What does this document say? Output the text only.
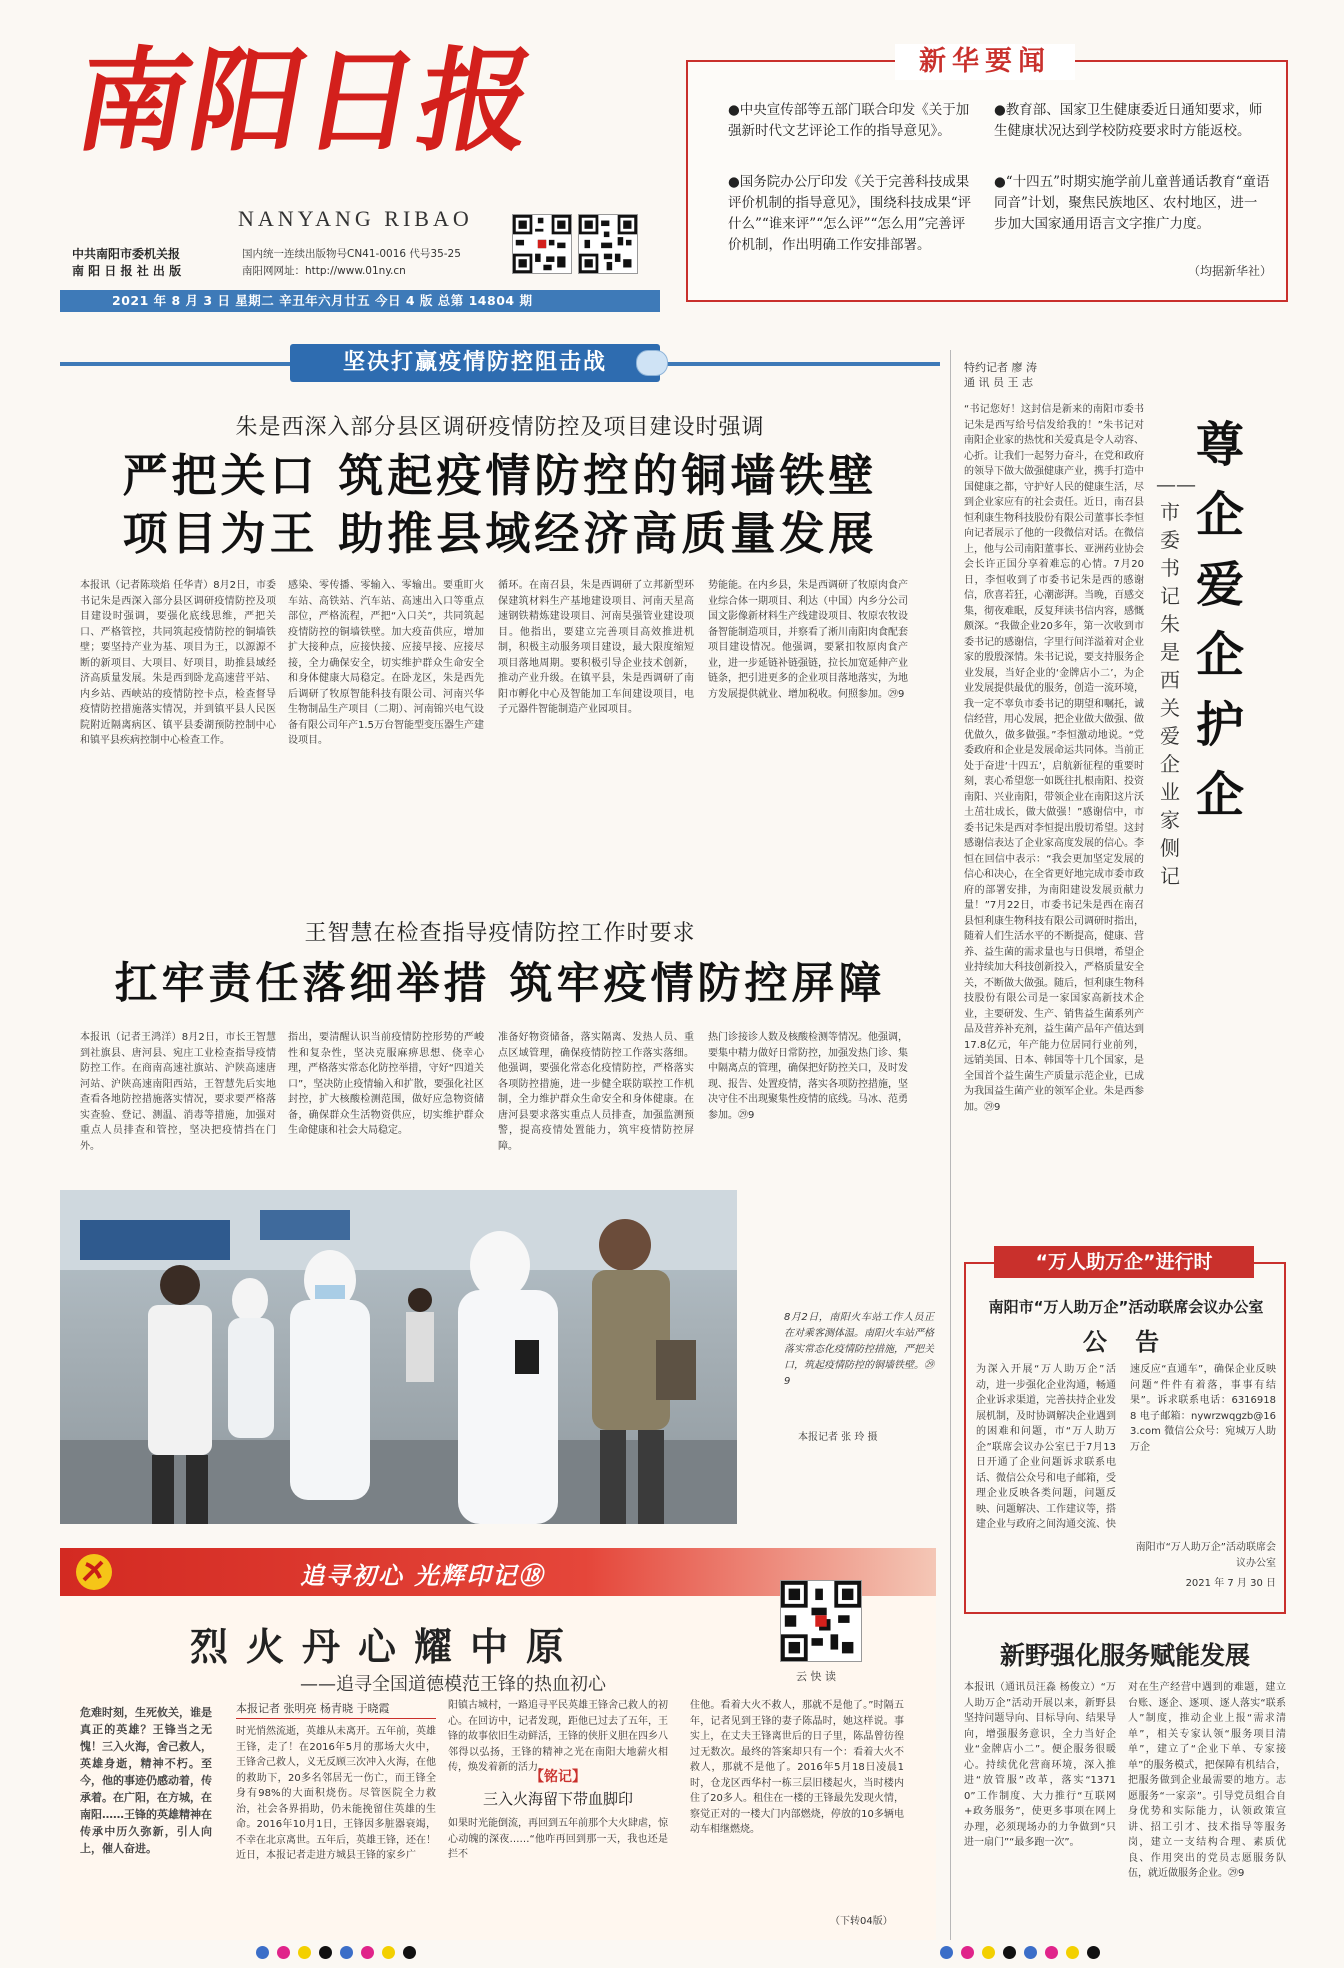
南阳日报
NANYANG RIBAO
中共南阳市委机关报
南 阳 日 报 社 出 版
国内统一连续出版物号CN41-0016 代号35-25
南阳网网址：http://www.01ny.cn
2021 年 8 月 3 日 星期二 辛丑年六月廿五 今日 4 版 总第 14804 期
新华要闻
●中央宣传部等五部门联合印发《关于加强新时代文艺评论工作的指导意见》。
●国务院办公厅印发《关于完善科技成果评价机制的指导意见》，围绕科技成果“评什么”“谁来评”“怎么评”“怎么用”完善评价机制，作出明确工作安排部署。
●教育部、国家卫生健康委近日通知要求，师生健康状况达到学校防疫要求时方能返校。
●“十四五”时期实施学前儿童普通话教育“童语同音”计划，聚焦民族地区、农村地区，进一步加大国家通用语言文字推广力度。
（均据新华社）
坚决打赢疫情防控阻击战
朱是西深入部分县区调研疫情防控及项目建设时强调
严把关口 筑起疫情防控的铜墙铁壁
项目为王 助推县域经济高质量发展
本报讯（记者陈琰焰 任华青）8月2日，市委书记朱是西深入部分县区调研疫情防控及项目建设时强调，要强化底线思维，严把关口、严格管控，共同筑起疫情防控的铜墙铁壁；要坚持产业为基、项目为王，以源源不断的新项目、大项目、好项目，助推县域经济高质量发展。朱是西到卧龙高速营平站、内乡站、西峡站的疫情防控卡点，检查督导疫情防控措施落实情况，并到镇平县人民医院附近隔离病区、镇平县委湖预防控制中心和镇平县疾病控制中心检查工作。
感染、零传播、零输入、零输出。要重盯火车站、高铁站、汽车站、高速出入口等重点部位，严格流程，严把“入口关”，共同筑起疫情防控的铜墙铁壁。加大疫苗供应，增加扩大接种点，应接快接、应接早接、应接尽接，全力确保安全，切实维护群众生命安全和身体健康大局稳定。在卧龙区，朱是西先后调研了牧原智能科技有限公司、河南兴华生物制品生产项目（二期）、河南锦兴电气设备有限公司年产1.5万台智能型变压器生产建设项目。
循环。在南召县，朱是西调研了立邦新型环保建筑材料生产基地建设项目、河南天星高速钢铁精炼建设项目、河南昊强管业建设项目。他指出，要建立完善项目高效推进机制，积极主动服务项目建设，最大限度缩短项目落地周期。要积极引导企业技术创新，推动产业升级。在镇平县，朱是西调研了南阳市孵化中心及智能加工车间建设项目，电子元器件智能制造产业园项目。
势能能。在内乡县，朱是西调研了牧原肉食产业综合体一期项目、利达（中国）内乡分公司国文影像新材料生产线建设项目、牧原农牧设备智能制造项目，并察看了淅川南阳肉食配套项目建设情况。他强调，要紧扣牧原肉食产业，进一步延链补链强链，拉长加宽延伸产业链条，把引进更多的企业项目落地落实，为地方发展提供就业、增加税收。何照参加。㉙9
王智慧在检查指导疫情防控工作时要求
扛牢责任落细举措 筑牢疫情防控屏障
本报讯（记者王鸿洋）8月2日，市长王智慧到社旗县、唐河县、宛庄工业检查指导疫情防控工作。在商南高速社旗站、沪陕高速唐河站、沪陕高速南阳西站，王智慧先后实地查看各地防控措施落实情况，要求要严格落实查验、登记、测温、消毒等措施，加强对重点人员排查和管控，坚决把疫情挡在门外。
指出，要清醒认识当前疫情防控形势的严峻性和复杂性，坚决克服麻痹思想、侥幸心理，严格落实常态化防控举措，守好“四道关口”，坚决防止疫情输入和扩散，要强化社区封控，扩大核酸检测范围，做好应急物资储备，确保群众生活物资供应，切实维护群众生命健康和社会大局稳定。
准备好物资储备，落实隔离、发热人员、重点区域管理，确保疫情防控工作落实落细。他强调，要强化常态化疫情防控，严格落实各项防控措施，进一步健全联防联控工作机制，全力维护群众生命安全和身体健康。在唐河县要求落实重点人员排查，加强监测预警，提高疫情处置能力，筑牢疫情防控屏障。
热门诊接诊人数及核酸检测等情况。他强调，要集中精力做好日常防控，加强发热门诊、集中隔离点的管理，确保把好防控关口，及时发现、报告、处置疫情，落实各项防控措施，坚决守住不出现聚集性疫情的底线。马冰、范勇参加。㉙9
8月2日，南阳火车站工作人员正在对乘客测体温。南阳火车站严格落实常态化疫情防控措施，严把关口，筑起疫情防控的铜墙铁壁。㉙9
本报记者 张 玲 摄
追寻初心 光辉印记⑱
烈火丹心耀中原
——追寻全国道德模范王锋的热血初心	云 快 读
危难时刻，生死攸关，谁是真正的英雄？王锋当之无愧！三入火海，舍己救人，英雄身逝，精神不朽。至今，他的事迹仍感动着，传承着。在广阳，在方城，在南阳……王锋的英雄精神在传承中历久弥新，引人向上，催人奋进。
本报记者 张明亮 杨青晓 于晓霞
时光悄然流逝，英雄从未离开。五年前，英雄王锋，走了！在2016年5月的那场大火中，王锋舍己救人，义无反顾三次冲入火海，在他的救助下，20多名邻居无一伤亡，而王锋全身有98%的大面积烧伤。尽管医院全力救治，社会各界捐助，仍未能挽留住英雄的生命。2016年10月1日，王锋因多脏器衰竭，不幸在北京离世。五年后，英雄王锋，还在！近日，本报记者走进方城县王锋的家乡广
阳镇古城村，一路追寻平民英雄王锋舍己救人的初心。在回访中，记者发现，距他已过去了五年，王锋的故事依旧生动鲜活，王锋的侠肝义胆在四乡八邻得以弘扬，王锋的精神之光在南阳大地薪火相传，焕发着新的活力。
【铭记】
三入火海留下带血脚印
如果时光能倒流，再回到五年前那个大火肆虐，惊心动魄的深夜……“他咋再回到那一天，我也还是拦不
住他。看着大火不救人，那就不是他了。”时隔五年，记者见到王锋的妻子陈晶时，她这样说。事实上，在丈夫王锋离世后的日子里，陈晶曾彷徨过无数次。最终的答案却只有一个：看着大火不救人，那就不是他了。2016年5月18日凌晨1时，仓龙区西华村一栋三层旧楼起火，当时楼内住了20多人。租住在一楼的王锋最先发现火情，察觉正对的一楼大门内部燃烧，停放的10多辆电动车相继燃烧。
（下转04版）
特约记者 廖 涛
通 讯 员 王 志
“书记您好！这封信是新来的南阳市委书记朱是西写给号信发给我的！”朱书记对南阳企业家的热忱和关爱真是令人动容、心折。让我们一起努力奋斗，在党和政府的领导下做大做强健康产业，携手打造中国健康之都，守护好人民的健康生活，尽到企业家应有的社会责任。近日，南召县恒利康生物科技股份有限公司董事长李恒向记者展示了他的一段微信对话。在微信上，他与公司南阳董事长、亚洲药业协会会长许正国分享着难忘的心情。7月20日，李恒收到了市委书记朱是西的感谢信，欣喜若狂，心潮澎湃。当晚，百感交集，彻夜难眠，反复拜读书信内容，感慨颇深。“我做企业20多年，第一次收到市委书记的感谢信，字里行间洋溢着对企业家的殷殷深情。朱书记说，要支持服务企业发展，当好企业的‘金牌店小二’，为企业发展提供最优的服务，创造一流环境，我一定不辜负市委书记的期望和嘱托，诚信经营，用心发展，把企业做大做强、做优做久，做多做强。”李恒激动地说。“党委政府和企业是发展命运共同体。当前正处于奋进‘十四五’，启航新征程的重要时刻，衷心希望您一如既往扎根南阳、投资南阳、兴业南阳，带领企业在南阳这片沃土茁壮成长，做大做强！”感谢信中，市委书记朱是西对李恒提出殷切希望。这封感谢信表达了企业家高度发展的信心。李恒在回信中表示：“我会更加坚定发展的信心和决心，在全省更好地完成市委市政府的部署安排，为南阳建设发展贡献力量！”7月22日，市委书记朱是西在南召县恒利康生物科技有限公司调研时指出，随着人们生活水平的不断提高，健康、营养、益生菌的需求量也与日俱增，希望企业持续加大科技创新投入，严格质量安全关，不断做大做强。随后，恒利康生物科技股份有限公司是一家国家高新技术企业，主要研发、生产、销售益生菌系列产品及营养补充剂，益生菌产品年产值达到17.8亿元，年产能力位居同行业前列，远销美国、日本、韩国等十几个国家，是全国首个益生菌生产质量示范企业，已成为我国益生菌产业的领军企业。朱是西参加。㉙9
尊企爱企护企
——市委书记朱是西关爱企业家侧记
“万人助万企”进行时
南阳市“万人助万企”活动联席会议办公室
公 告
为深入开展“万人助万企”活动，进一步强化企业沟通，畅通企业诉求渠道，完善扶持企业发展机制，及时协调解决企业遇到的困难和问题，市“万人助万企”联席会议办公室已于7月13日开通了企业问题诉求联系电话、微信公众号和电子邮箱，受理企业反映各类问题，问题反映、问题解决、工作建议等，搭建企业与政府之间沟通交流、快
速反应“直通车”，确保企业反映问题“件件有着落，事事有结果”。诉求联系电话：63169188 电子邮箱：nywrzwqgzb@163.com 微信公众号：宛城万人助万企
南阳市“万人助万企”活动联席会议办公室
2021 年 7 月 30 日
新野强化服务赋能发展
本报讯（通讯员汪淼 杨俊立）“万人助万企”活动开展以来，新野县坚持问题导向、目标导向、结果导向，增强服务意识，全力当好企业“金牌店小二”。便企服务很暖心。持续优化营商环境，深入推进“放管服”改革，落实“13710”工作制度、大力推行“互联网+政务服务”，使更多事项在网上办理，必须现场办的力争做到“只进一扇门”“最多跑一次”。
对在生产经营中遇到的难题，建立台账、逐企、逐项、逐人落实“联系人”制度，推动企业上报“需求清单”，相关专家认领“服务项目清单”，建立了“企业下单、专家接单”的服务模式，把保障有机结合，把服务做到企业最需要的地方。志愿服务“一家亲”。引导党员组合自身优势和实际能力，认领政策宣讲、招工引才、技术指导等服务岗，建立一支结构合理、素质优良、作用突出的党员志愿服务队伍，就近做服务企业。㉙9
